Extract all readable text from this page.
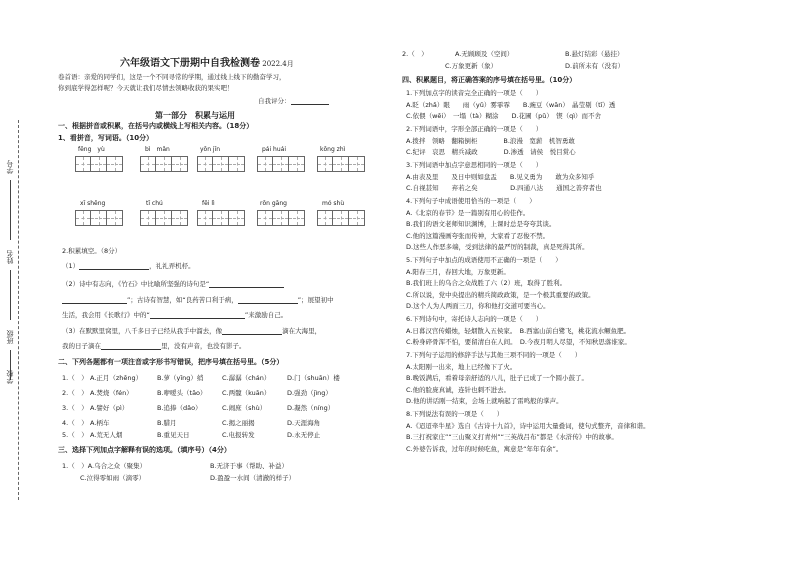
学号
姓名
班级
学校
六年级语文下册期中自我检测卷 2022.4月
卷首语：亲爱的同学们，这是一个不同寻常的学期，通过线上线下的勤奋学习，
你到底学得怎样呢？今天就让我们尽情去领略收获的果实吧！
自我评分：
第一部分　积累与运用
一、根据拼音或积累，在括号内或横线上写相关内容。（18分）
1、看拼音，写词语。（10分）
fēng　yù	bì　mǎn	yōn jīn	pái huái	kōng zhì
xī shēng	tī chú	fēi lì	rōn gāng	mó shù
2.积累填空。（8分）
（1）	，礼礼弄机杼。
（2）诗中有志向，《竹石》中比喻所坚强的诗句是“
”；古诗有智慧，如“良药苦口利于病，	”；展望初中
生活，我会用《长歌行》中的“	”来激励自己。
（3）在默默里窝里，八千多日子已经从我手中溜去，像	滴在大海里，
我的日子滴在	里，没有声音，也没有影子。
二、下列各题都有一项注音或字形书写错误，把序号填在括号里。（5分）
1.（　） A.正月（zhēng） B.萝（yīng）绡	C.潺潺（chán）	D.门（shuān）楼
2.（　） A.焚烧（fén）	B.咿嗳头（tāo） C.两髋（kuān）	D.强劲（jìng）
3.（　） A.譬好（pì）	B.追捧（dǎo）	C.闹庶（shù）	D.凝然（níng）
4.（　） A.柄车	B.腊月	C.揭之丽揭	D.天涯海角
5.（　） A.荒无人烟	B.重见天日	C.电报转发	D.永无停止
三、选择下列加点字解释有误的选项。（填序号）（4分）
1.（　）A.乌合之众（聚集）	B.无济于事（帮助、补益）
C.泣得零如雨（滴零）	D.盈盈一水间（清澈的样子）
2.（　）	A.无顾顾及（空间）	B.悬灯结彩（悬挂）
C.万象更新（象）	D.前所未有（没有）
四、积累题目，将正确答案的序号填在括号里。（10分）
1.下列加点字的读音完全正确的一项是（　　）
A.眨（zhǎ）眼　　雨（yǔ）雾霏霏　　B.豌豆（wān）　晶莹剔（tī）透
C.依偎（wēi）　一塌（tà）糊涂　　D.花圃（pǔ）　锲（qì）而不舍
2.下列词语中，字形全部正确的一项是（　　）
A.拨拌　领略　翻箱倒柜　　　　B.浪漫　宽薪　机智勇敢
C.纪评　哀思　精兵减政　　　　D.渗透　请侯　悦目赏心
3.下列词语中加点字意思相同的一项是（　　）
A.由表及里　　及日中则如盘盂　　B.见义勇为　　敢为众多知乎
C.自视甚知　　弃若之矣　　　　　D.四通八达　　通国之善弈者也
4.下列句子中成语使用恰当的一项是（　　）
A.《北京的春节》是一篇别有用心的佳作。
B.我们的语文老师知识渊博，上课时总是夸夸其谈。
C.他的这篇漫画夸张而传神，大家看了忍俊不禁。
D.这些人作恶多端，受到法律的最严厉的制裁，真是死得其所。
5.下列句子中加点的成语使用不正确的一项是（　　）
A.阳春三月，春回大地，万象更新。
B.我们班上的乌合之众战胜了六（2）班，取得了胜利。
C.所以说，党中央提出的精兵简政政策，是一个极其重要的政策。
D.这个人为人两面三刀，你和他打交道可要当心。
6.下列诗句中，寄托诗人志向的一项是（　　）
A.日暮汉宫传蜡烛，轻烟散入五侯家。　B.西塞山前白鹭飞，桃花流水鳜鱼肥。
C.粉身碎骨浑不怕，要留清白在人间。　D.今夜月明人尽望，不知秋思落谁家。
7.下列句子运用的修辞手法与其他三项不同的一项是（　　）
A.太阳刚一出来，地上已经像下了火。
B.晚饭满后，看着母亲舒适的八儿，肚子已成了一个圆小鼓了。
C.他的脸庞真诚，连针也刺不进去。
D.他的讲话刚一结束，会场上就响起了雷鸣般的掌声。
8.下列说法有误的一项是（　　）
A.《迢迢牵牛星》选自《古诗十九首》，诗中运用大量叠词，使句式整齐，音律和谐。
B.三打祝家庄”“三山聚义打青州”“三英战吕布”都是《水浒传》中的故事。
C.外婆告诉我，过年的时候吃鱼，寓意是“年年有余”。
